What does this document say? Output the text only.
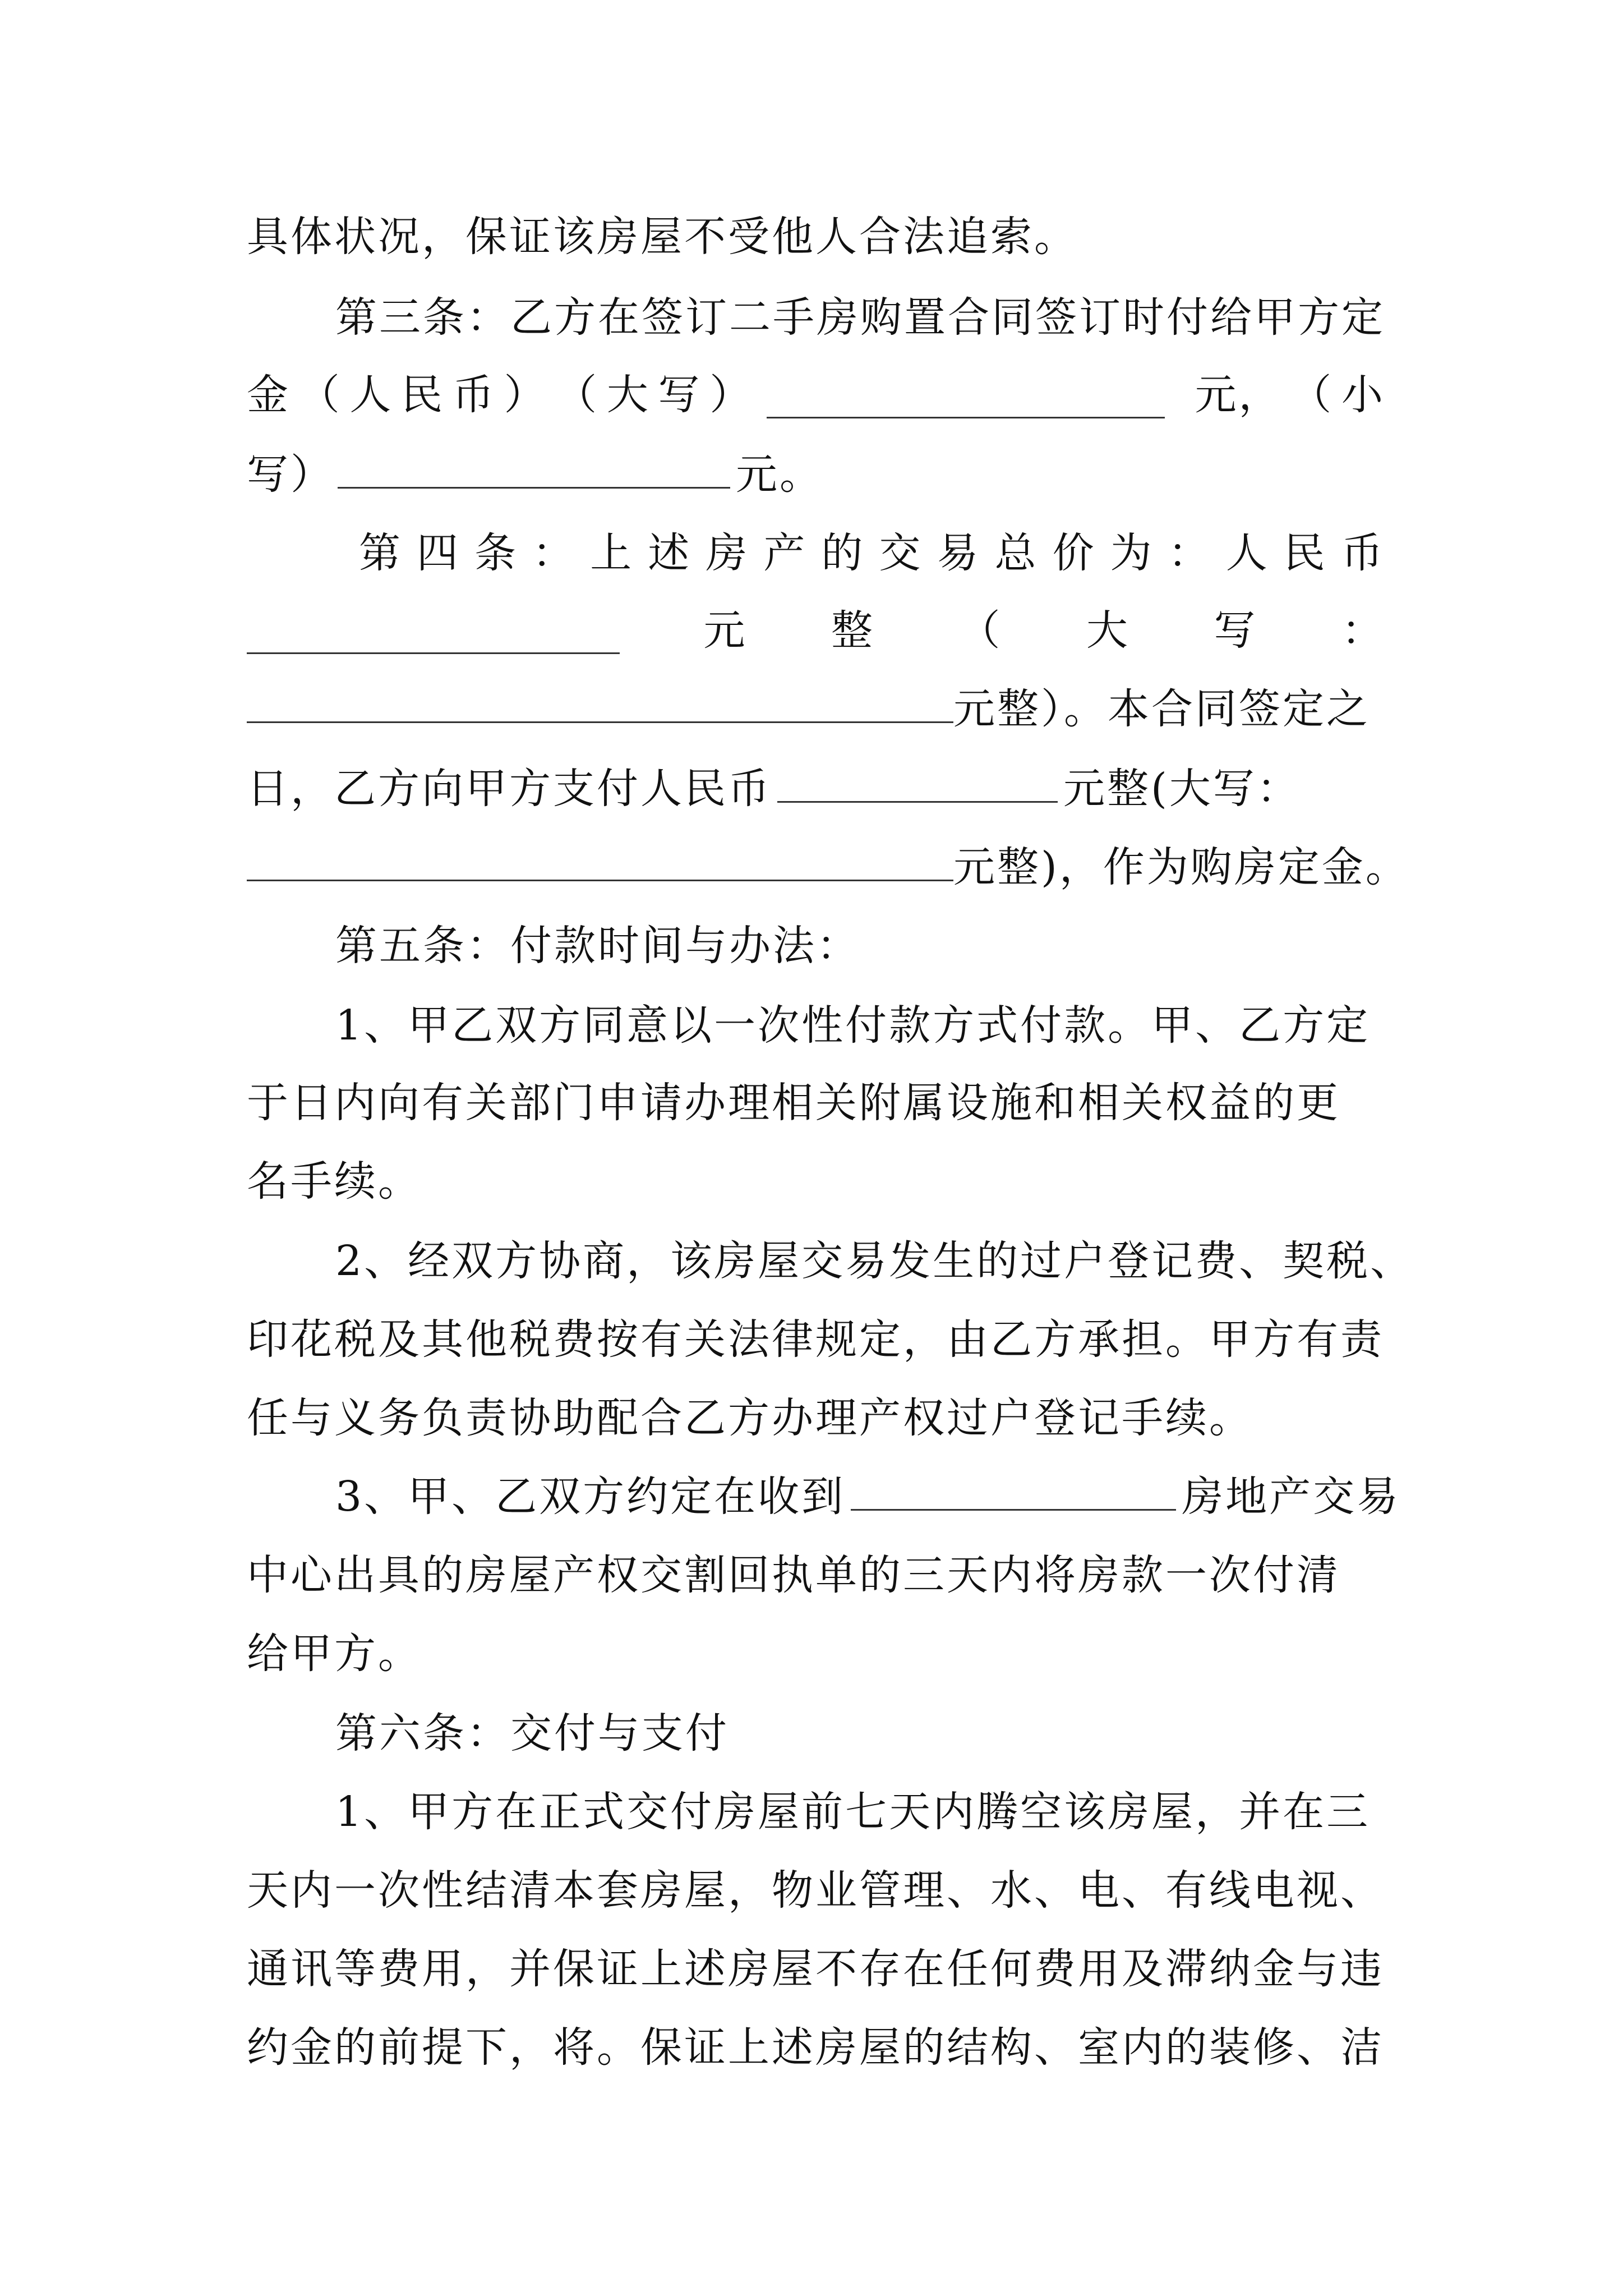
具体状况，保证该房屋不受他人合法追索。
第三条：乙方在签订二手房购置合同签订时付给甲方定
金 （ 人 民 币 ） （ 大 写 ）	元， （ 小
写）	元。
第 四 条 ： 上 述 房 产 的 交 易 总 价 为 ： 人 民 币
元 整 （ 大 写 ：
元整）。本合同签定之
日，乙方向甲方支付人民币	元整(大写：
元整)，作为购房定金。
第五条：付款时间与办法：
1、甲乙双方同意以一次性付款方式付款。甲、乙方定
于日内向有关部门申请办理相关附属设施和相关权益的更
名手续。
2、经双方协商，该房屋交易发生的过户登记费、契税、
印花税及其他税费按有关法律规定，由乙方承担。甲方有责
任与义务负责协助配合乙方办理产权过户登记手续。
3、甲、乙双方约定在收到	房地产交易
中心出具的房屋产权交割回执单的三天内将房款一次付清
给甲方。
第六条：交付与支付
1、甲方在正式交付房屋前七天内腾空该房屋，并在三
天内一次性结清本套房屋，物业管理、水、电、有线电视、
通讯等费用，并保证上述房屋不存在任何费用及滞纳金与违
约金的前提下，将。保证上述房屋的结构、室内的装修、洁
